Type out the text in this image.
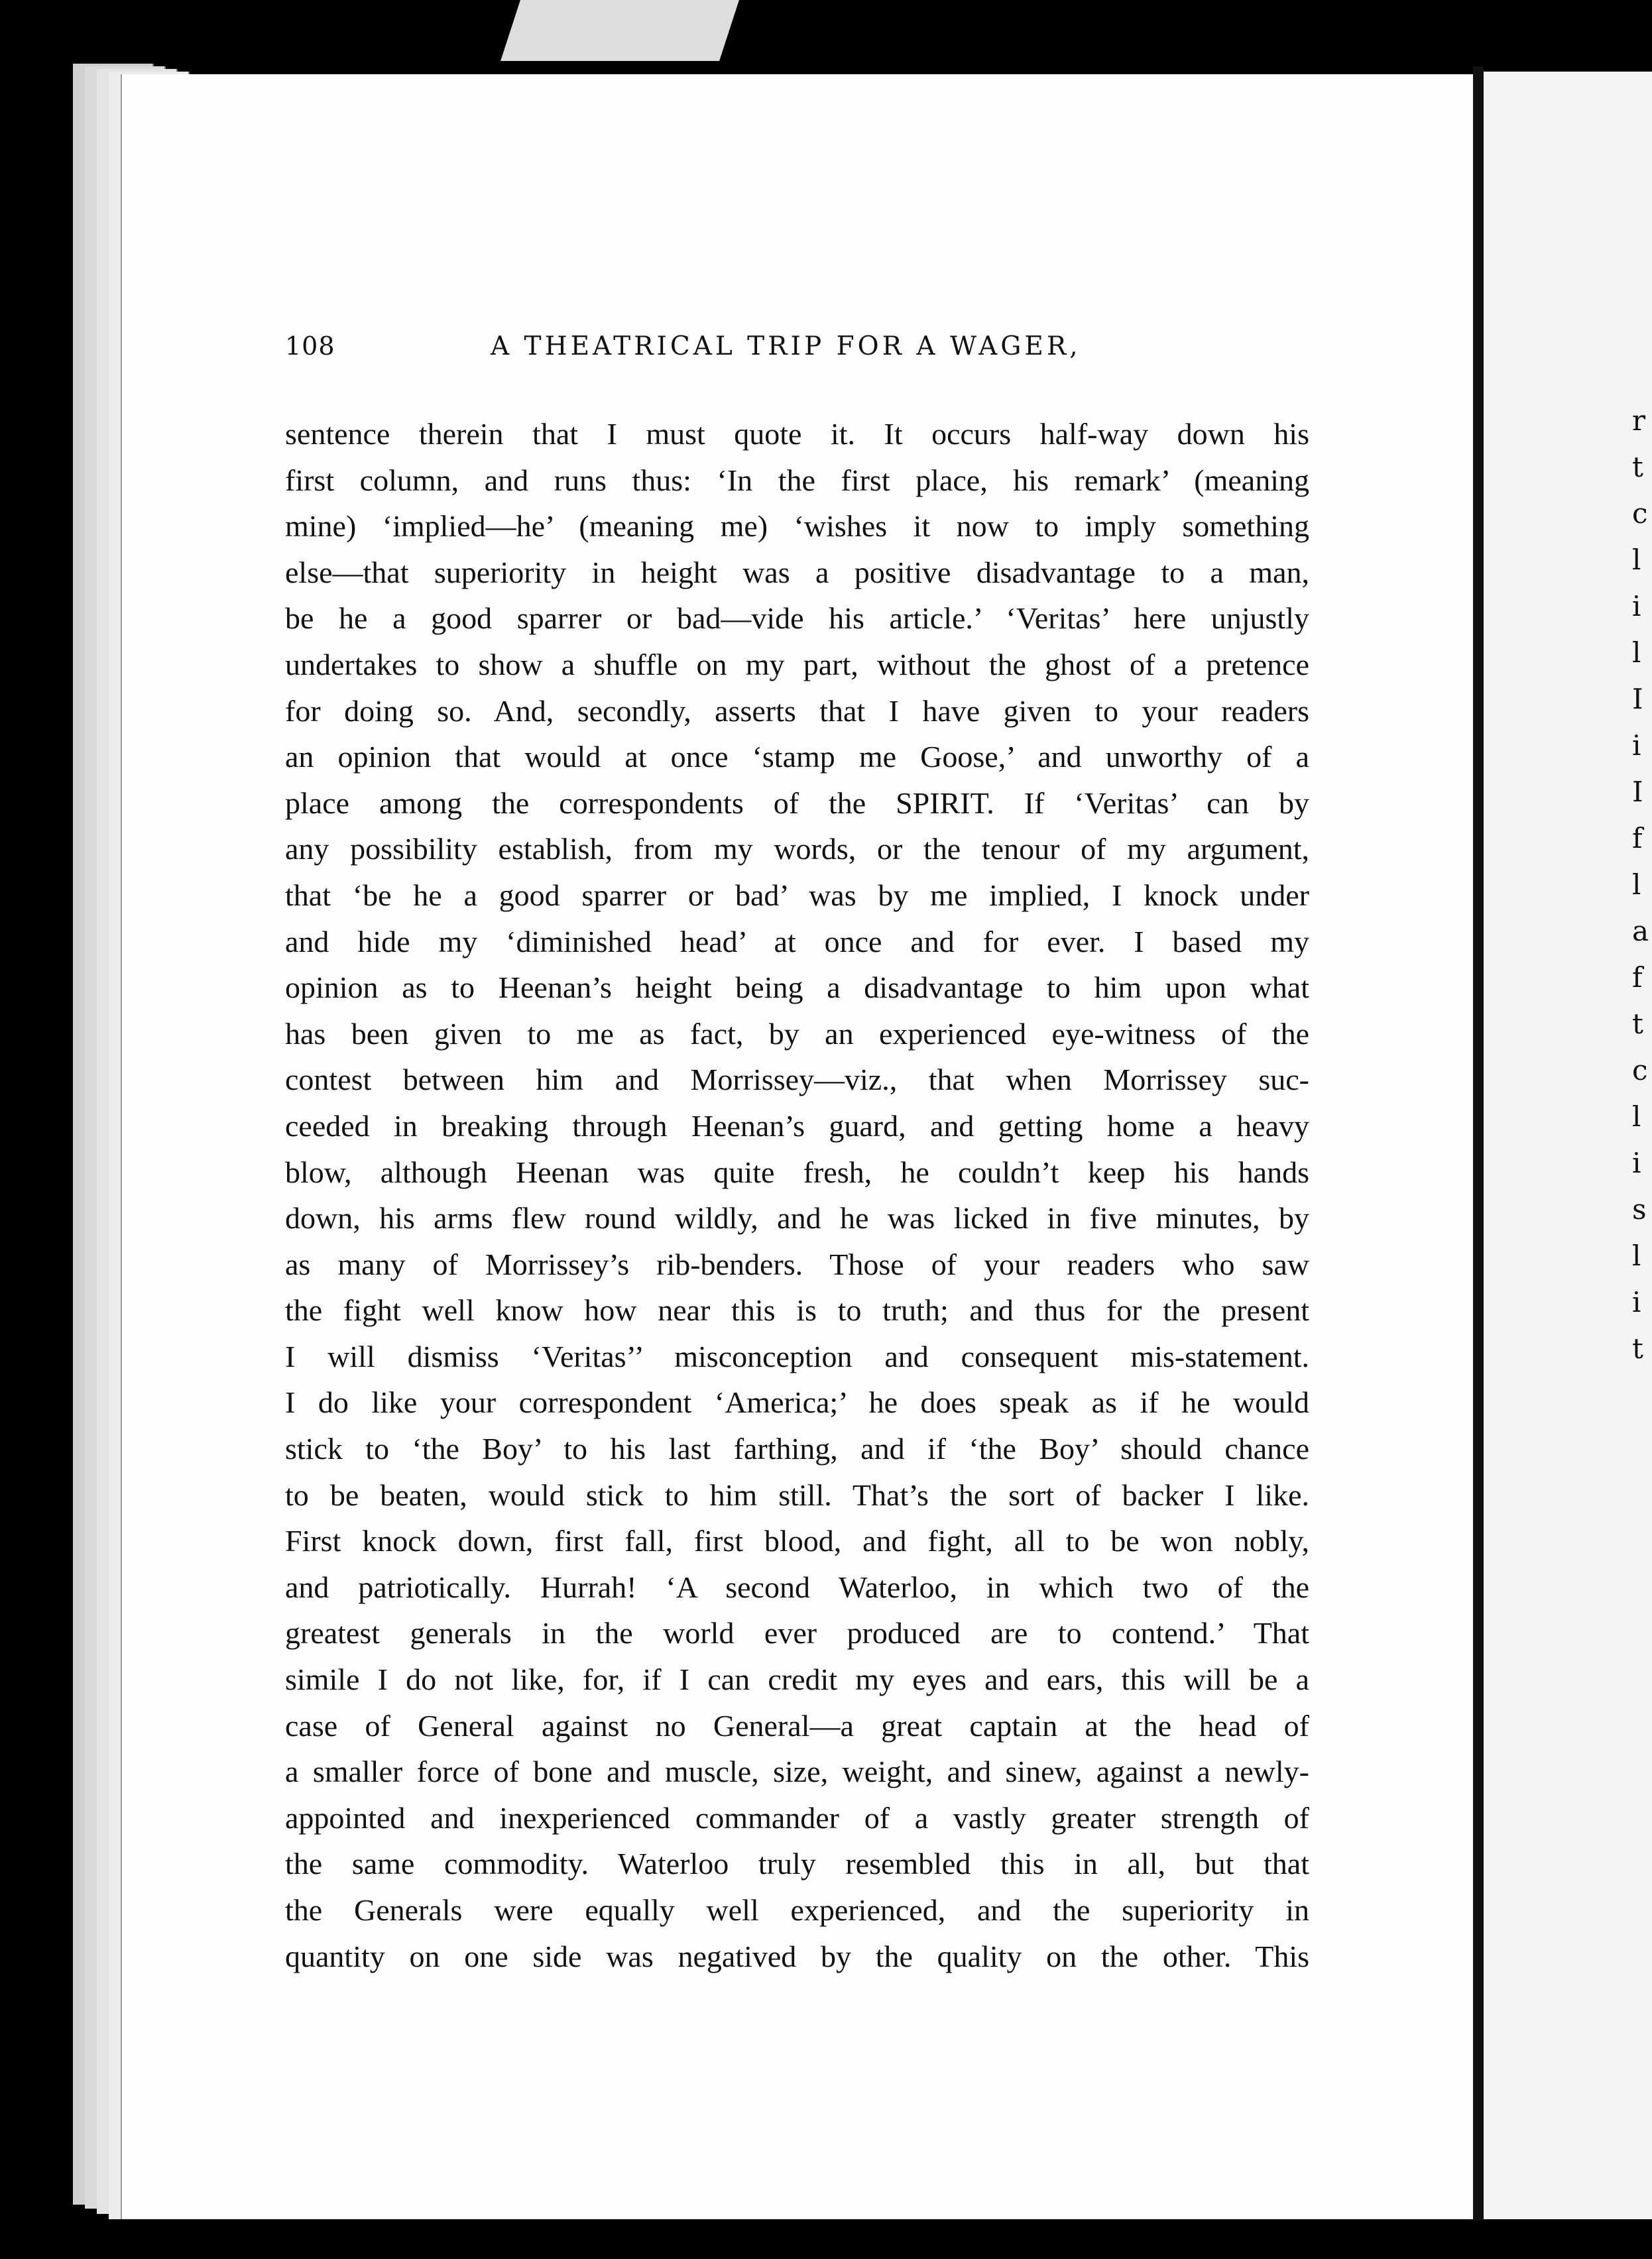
r
t
c
l
i
l
I
i
I
f
l
a
f
t
c
l
i
s
l
i
t
108	A THEATRICAL TRIP FOR A WAGER,
sentence therein that I must quote it. It occurs half-way down his
first column, and runs thus: ‘In the first place, his remark’ (meaning
mine) ‘implied—he’ (meaning me) ‘wishes it now to imply something
else—that superiority in height was a positive disadvantage to a man,
be he a good sparrer or bad—vide his article.’ ‘Veritas’ here unjustly
undertakes to show a shuffle on my part, without the ghost of a pretence
for doing so. And, secondly, asserts that I have given to your readers
an opinion that would at once ‘stamp me Goose,’ and unworthy of a
place among the correspondents of the SPIRIT. If ‘Veritas’ can by
any possibility establish, from my words, or the tenour of my argument,
that ‘be he a good sparrer or bad’ was by me implied, I knock under
and hide my ‘diminished head’ at once and for ever. I based my
opinion as to Heenan’s height being a disadvantage to him upon what
has been given to me as fact, by an experienced eye-witness of the
contest between him and Morrissey—viz., that when Morrissey suc-
ceeded in breaking through Heenan’s guard, and getting home a heavy
blow, although Heenan was quite fresh, he couldn’t keep his hands
down, his arms flew round wildly, and he was licked in five minutes, by
as many of Morrissey’s rib-benders. Those of your readers who saw
the fight well know how near this is to truth; and thus for the present
I will dismiss ‘Veritas’’ misconception and consequent mis-statement.
I do like your correspondent ‘America;’ he does speak as if he would
stick to ‘the Boy’ to his last farthing, and if ‘the Boy’ should chance
to be beaten, would stick to him still. That’s the sort of backer I like.
First knock down, first fall, first blood, and fight, all to be won nobly,
and patriotically. Hurrah! ‘A second Waterloo, in which two of the
greatest generals in the world ever produced are to contend.’ That
simile I do not like, for, if I can credit my eyes and ears, this will be a
case of General against no General—a great captain at the head of
a smaller force of bone and muscle, size, weight, and sinew, against a newly-
appointed and inexperienced commander of a vastly greater strength of
the same commodity. Waterloo truly resembled this in all, but that
the Generals were equally well experienced, and the superiority in
quantity on one side was negatived by the quality on the other. This
